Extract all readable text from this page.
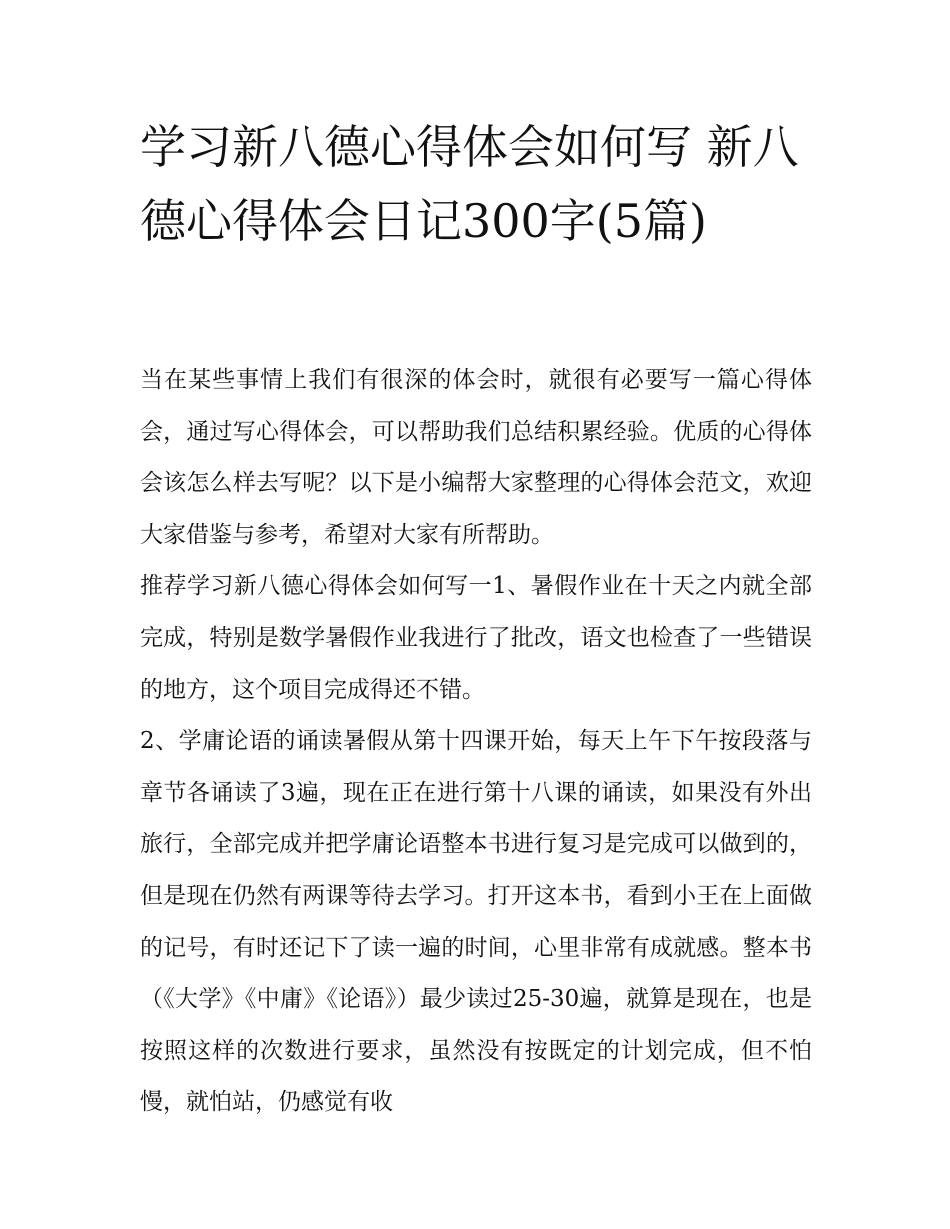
学习新八德心得体会如何写 新八德心得体会日记300字(5篇)

当在某些事情上我们有很深的体会时，就很有必要写一篇心得体会，通过写心得体会，可以帮助我们总结积累经验。优质的心得体会该怎么样去写呢？以下是小编帮大家整理的心得体会范文，欢迎大家借鉴与参考，希望对大家有所帮助。

推荐学习新八德心得体会如何写一1、暑假作业在十天之内就全部完成，特别是数学暑假作业我进行了批改，语文也检查了一些错误的地方，这个项目完成得还不错。

2、学庸论语的诵读暑假从第十四课开始，每天上午下午按段落与章节各诵读了3遍，现在正在进行第十八课的诵读，如果没有外出旅行，全部完成并把学庸论语整本书进行复习是完成可以做到的，但是现在仍然有两课等待去学习。打开这本书，看到小王在上面做的记号，有时还记下了读一遍的时间，心里非常有成就感。整本书（《大学》《中庸》《论语》）最少读过25-30遍，就算是现在，也是按照这样的次数进行要求，虽然没有按既定的计划完成，但不怕慢，就怕站，仍感觉有收
